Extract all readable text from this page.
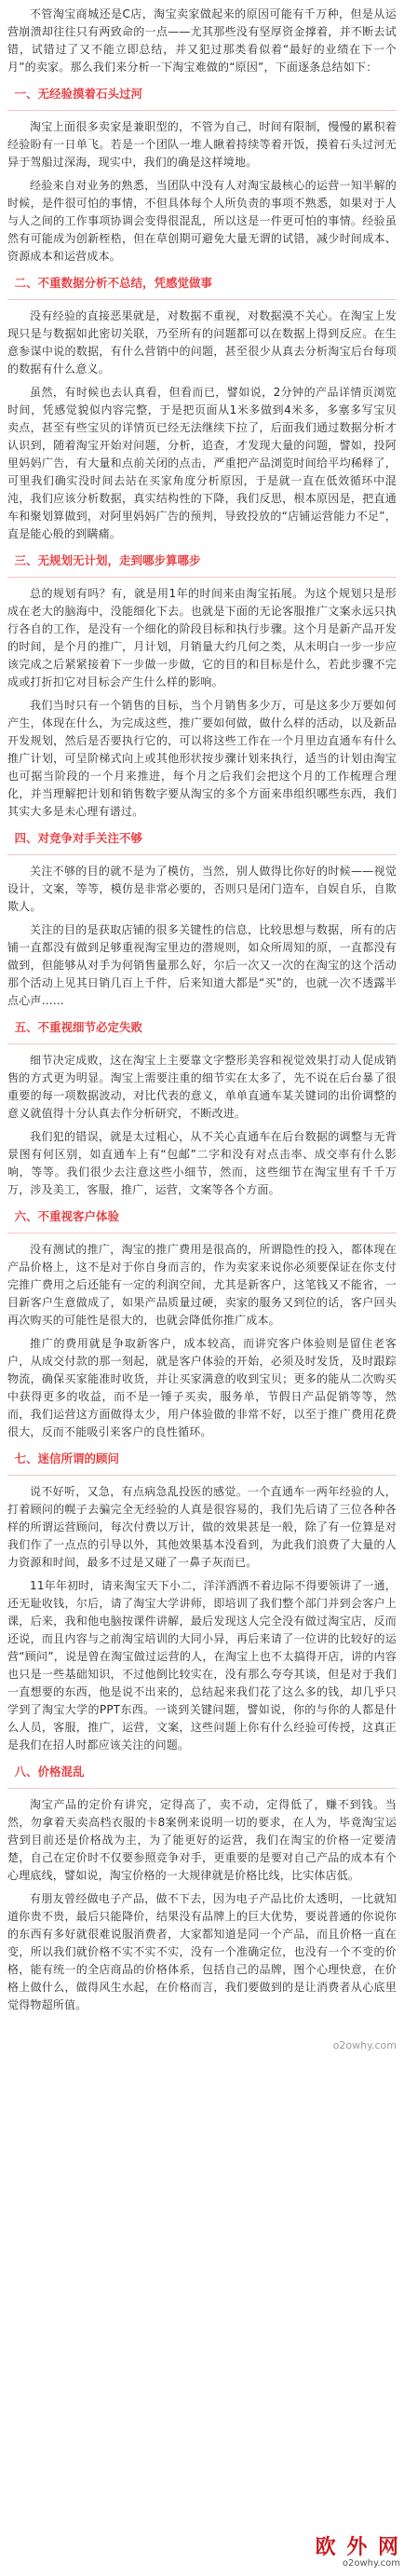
不管淘宝商城还是C店，淘宝卖家做起来的原因可能有千万种，但是从运营崩溃却往往只有两致命的一点——尤其那些没有坚厚资金撑着，并不断去试错，试错过了又不能立即总结，并又犯过那类看似着“最好的业绩在下一个月”的卖家。那么我们来分析一下淘宝难做的“原因”，下面逐条总结如下：

一、无经验摸着石头过河

淘宝上面很多卖家是兼职型的，不管为自己，时间有限制，慢慢的累积着经验盼有一日单飞。若是一个团队一堆人瞅着持续等着开饭，摸着石头过河无异于驾船过深海，现实中，我们的确是这样境地。

经验来自对业务的熟悉，当团队中没有人对淘宝最核心的运营一知半解的时候，是件很可怕的事情，不但具体每个人所负责的事项不熟悉，如果对于人与人之间的工作事项协调会变得很混乱，所以这是一件更可怕的事情。经验虽然有可能成为创新桎梏，但在草创期可避免大量无谓的试错，减少时间成本、资源成本和运营成本。

二、不重数据分析不总结，凭感觉做事

没有经验的直接恶果就是，对数据不重视，对数据漠不关心。在淘宝上发现只是与数据如此密切关联，乃至所有的问题都可以在数据上得到反应。在生意参谋中说的数据，有什么营销中的问题，甚至很少从真去分析淘宝后台每项的数据有什么意义。

虽然，有时候也去认真看，但看而已，譬如说，2分钟的产品详情页浏览时间，凭感觉貌似内容完整，于是把页面从1米多做到4米多，多塞多写宝贝卖点，甚至有些宝贝的详情页已经无法继续下拉了，后面我们通过数据分析才认识到，随着淘宝开始对问题，分析，追查，才发现大量的问题，譬如，投阿里妈妈广告，有大量和点前关闭的点击，严重把产品浏览时间给平均稀释了，可里我们确实没时间去站在买家角度分析原因，于是就一直在低效循环中混沌，我们应该分析数据，真实结构性的下降，我们反思，根本原因是，把直通车和聚划算做到，对阿里妈妈广告的预判，导致投放的“店铺运营能力不足”，直是能心般的到瞒痛。

三、无规划无计划，走到哪步算哪步

总的规划有吗？有，就是用1年的时间来由淘宝拓展。为这个规划只是形成在老大的脑海中，没能细化下去。也就是下面的无论客服推广文案永远只执行各自的工作，是没有一个细化的阶段目标和执行步骤。这个月是新产品开发的时间，是个月的推广，月计划，月销量大约几何之类，从未明白一步一步应该完成之后紧紧接着下一步做一步做，它的目的和目标是什么，若此步骤不完成或打折扣它对目标会产生什么样的影响。

我们当时只有一个销售的目标，当个月销售多少万，可是这多少万要如何产生，体现在什么，为完成这些，推广要如何做，做什么样的活动，以及新品开发规划，然后是否要执行它的，可以将这些工作在一个月里边直通车有什么推广计划，可呈阶梯式向上或其他形状按步骤计划来执行，适当的计划由淘宝也可据当阶段的一个月来推进，每个月之后我们会把这个月的工作梳理合理化，并当理解把计划和销售数字要从淘宝的多个方面来串组织哪些东西，我们其实大多是未心理有谱过。

四、对竞争对手关注不够

关注不够的目的就不是为了模仿，当然，别人做得比你好的时候——视觉设计，文案，等等，模仿是非常必要的，否则只是闭门造车，自娱自乐，自欺欺人。

关注的目的是获取店铺的很多关键性的信息，比较思想与数据，所有的店铺一直都没有做到足够重视淘宝里边的潜规则，如众所周知的原，一直都没有做到，但能够从对手为何销售量那么好，尔后一次又一次的在淘宝的这个活动那个活动上见其日销几百上千件，后来知道大都是“买”的，也就一次不透露半点心声……

五、不重视细节必定失败

细节决定成败，这在淘宝上主要靠文字整形美容和视觉效果打动人促成销售的方式更为明显。淘宝上需要注重的细节实在太多了，先不说在后台暴了很重要的每一项数据波动，对比代表的意义，单单直通车某关键词的出价调整的意义就值得十分认真去作分析研究，不断改进。

我们犯的错误，就是太过粗心，从不关心直通车在后台数据的调整与无背景图有何区别，如直通车上有“包邮”二字和没有对点击率、成交率有什么影响，等等。我们很少去注意这些小细节，然而，这些细节在淘宝里有千千万万，涉及美工，客服，推广，运营，文案等各个方面。

六、不重视客户体验

没有测试的推广，淘宝的推广费用是很高的，所谓隐性的投入，都体现在产品价格上，这不是对于你自身而言的，作为卖家来说你必须要保证在你支付完推广费用之后还能有一定的利润空间，尤其是新客户，这笔钱又不能省，一目新客户生意做成了，如果产品质量过硬，卖家的服务又到位的话，客户回头再次购买的可能性是很大的，也就会降低你推广成本。

推广的费用就是争取新客户，成本较高，而讲究客户体验则是留住老客户，从成交付款的那一刻起，就是客户体验的开始，必须及时发货，及时跟踪物流，确保买家能准时收货，并让买家满意的收到宝贝；更多的能从二次购买中获得更多的收益，而不是一锤子买卖，服务单，节假日产品促销等等，然而，我们运营这方面做得太少，用户体验做的非常不好，以至于推广费用花费很大，反而不能吸引来客户的良性循环。

七、迷信所谓的顾问

说不好听，又急，有点病急乱投医的感觉。一个直通车一两年经验的人，打着顾问的幌子去骗完全无经验的人真是很容易的，我们先后请了三位各种各样的所谓运营顾问，每次付费以万计，做的效果甚是一般，除了有一位算是对我们作了一点点的引导以外，其他效果基本没看到，为此我们浪费了大量的人力资源和时间，最多不过是又碰了一鼻子灰而已。

11年年初时，请来淘宝天下小二，洋洋洒洒不着边际不得要领讲了一通，还无耻收钱，尔后，请了淘宝大学讲师，即培训了我们整个部门并到会客户上课，后来，我和他电脑按课件讲解，最后发现这人完全没有做过淘宝店，反而还说，而且内容与之前淘宝培训的大同小异，再后来请了一位讲的比较好的运营“顾问”，说是曾在淘宝做过运营的人，在淘宝上也不太搞得开店，讲的内容也只是一些基础知识，不过他倒比较实在，没有那么夸夸其谈，但是对于我们一直想要的东西，他是说不出来的，总结起来我们花了这么多的钱，却几乎只学到了淘宝大学的PPT东西。一谈到关键问题，譬如说，你的与你的人都是什么人员，客服，推广，运营，文案，这些问题上你有什么经验可传授，这真正是我们在招人时都应该关注的问题。

八、价格混乱

淘宝产品的定价有讲究，定得高了，卖不动，定得低了，赚不到钱。当然，勿拿着天卖高档衣服的卡8案例来说明一切的要求，在人为，毕竟淘宝运营到目前还是价格战为主，为了能更好的运营，我们在淘宝的价格一定要清楚，自己在定价时不仅要参照竞争对手，更重要的是要对自己产品的成本有个心理底线，譬如说，淘宝价格的一大规律就是价格比线，比实体店低。

有朋友曾经做电子产品，做不下去，因为电子产品比价太透明，一比就知道你贵不贵，最后只能降价，结果没有品牌上的巨大优势，要说普通的你说你的东西有多好就很难说服消费者，大家都知道是同一个产品，而且价格一直在变，所以我们就价格不实不实不实，没有一个准确定位，也没有一个不变的价格，能有统一的全店商品的价格体系，包括自己的品牌，图个心理快意，在价格上做什么，做得风生水起，在价格而言，我们要做到的是让消费者从心底里觉得物超所值。

o2owhy.com
欧 外 网
o2owhy.com
